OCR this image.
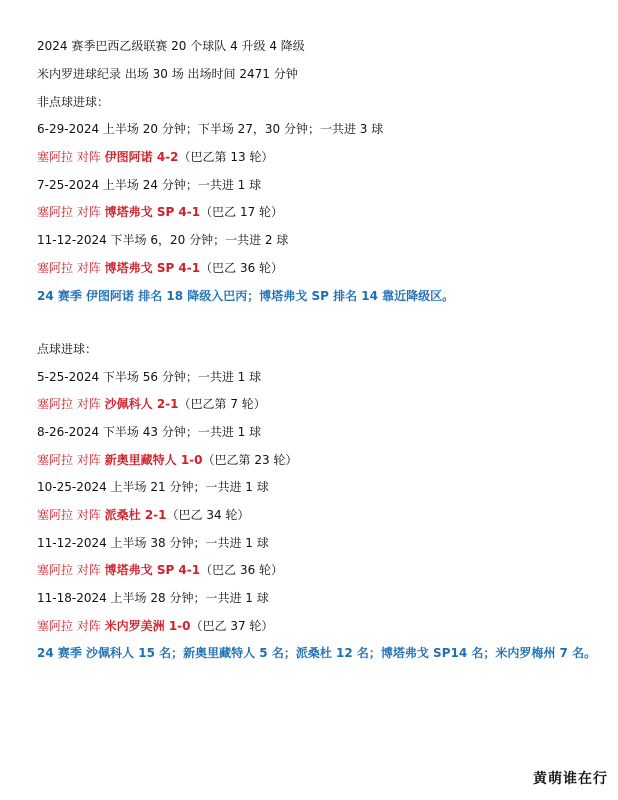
2024 赛季巴西乙级联赛 20 个球队 4 升级 4 降级
米内罗进球纪录 出场 30 场 出场时间 2471 分钟
非点球进球：
6-29-2024 上半场 20 分钟；下半场 27，30 分钟；一共进 3 球
塞阿拉 对阵 伊图阿诺 4-2（巴乙第 13 轮）
7-25-2024 上半场 24 分钟；一共进 1 球
塞阿拉 对阵 博塔弗戈 SP 4-1（巴乙 17 轮）
11-12-2024 下半场 6，20 分钟；一共进 2 球
塞阿拉 对阵 博塔弗戈 SP 4-1（巴乙 36 轮）
24 赛季 伊图阿诺 排名 18 降级入巴丙；博塔弗戈 SP 排名 14 靠近降级区。
点球进球：
5-25-2024 下半场 56 分钟；一共进 1 球
塞阿拉 对阵 沙佩科人 2-1（巴乙第 7 轮）
8-26-2024 下半场 43 分钟；一共进 1 球
塞阿拉 对阵 新奥里藏特人 1-0（巴乙第 23 轮）
10-25-2024 上半场 21 分钟；一共进 1 球
塞阿拉 对阵 派桑杜 2-1（巴乙 34 轮）
11-12-2024 上半场 38 分钟；一共进 1 球
塞阿拉 对阵 博塔弗戈 SP 4-1（巴乙 36 轮）
11-18-2024 上半场 28 分钟；一共进 1 球
塞阿拉 对阵 米内罗美洲 1-0（巴乙 37 轮）
24 赛季 沙佩科人 15 名；新奥里藏特人 5 名；派桑杜 12 名；博塔弗戈 SP14 名；米内罗梅州 7 名。
黄萌谁在行
